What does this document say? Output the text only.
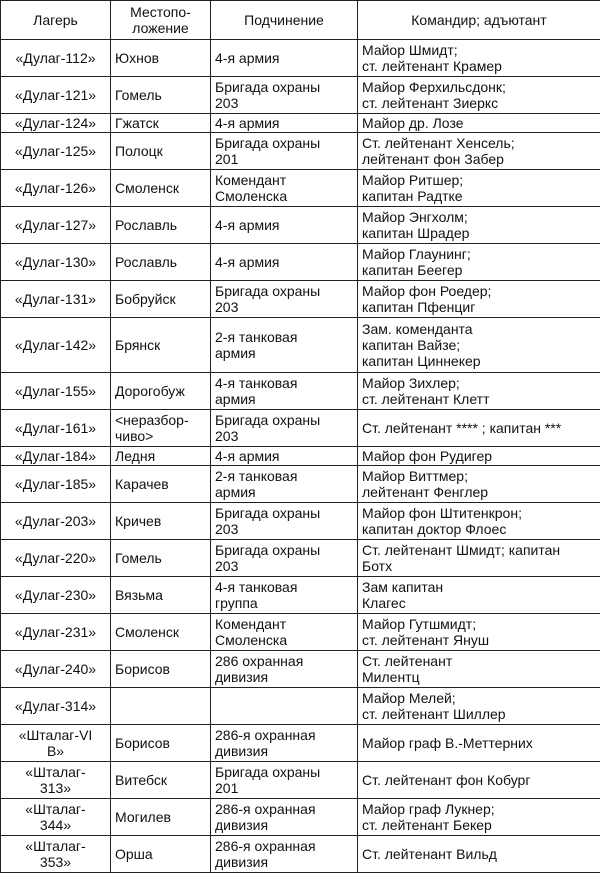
Лагерь	Местопо-
ложение	Подчинение	Командир; адъютант

«Дулаг-112»	Юхнов	4-я армия	Майор Шмидт;
ст. лейтенант Крамер

«Дулаг-121»	Гомель	Бригада охраны
203	Майор Ферхильсдонк;
ст. лейтенант Зиеркс

«Дулаг-124»	Гжатск	4-я армия	Майор др. Лозе

«Дулаг-125»	Полоцк	Бригада охраны
201	Ст. лейтенант Хенсель;
лейтенант фон Забер

«Дулаг-126»	Смоленск	Комендант
Смоленска	Майор Ритшер;
капитан Радтке

«Дулаг-127»	Рославль	4-я армия	Майор Энгхолм;
капитан Шрадер

«Дулаг-130»	Рославль	4-я армия	Майор Глаунинг;
капитан Беегер

«Дулаг-131»	Бобруйск	Бригада охраны
203	Майор фон Роедер;
капитан Пфенциг

«Дулаг-142»	Брянск	2-я танковая
армия	Зам. коменданта
капитан Вайзе;
капитан Циннекер

«Дулаг-155»	Дорогобуж	4-я танковая
армия	Майор Зихлер;
ст. лейтенант Клетт

«Дулаг-161»	<неразбор-
чиво>	Бригада охраны
203	Ст. лейтенант **** ; капитан ***

«Дулаг-184»	Ледня	4-я армия	Майор фон Рудигер

«Дулаг-185»	Карачев	2-я танковая
армия	Майор Виттмер;
лейтенант Фенглер

«Дулаг-203»	Кричев	Бригада охраны
203	Майор фон Штитенкрон;
капитан доктор Флоес

«Дулаг-220»	Гомель	Бригада охраны
203	Ст. лейтенант Шмидт; капитан
Ботх

«Дулаг-230»	Вязьма	4-я танковая
группа	Зам капитан
Клагес

«Дулаг-231»	Смоленск	Комендант
Смоленска	Майор Гутшмидт;
ст. лейтенант Януш

«Дулаг-240»	Борисов	286 охранная
дивизия	Ст. лейтенант
Милентц

«Дулаг-314»			Майор Мелей;
ст. лейтенант Шиллер

«Шталаг-VI
B»	Борисов	286-я охранная
дивизия	Майор граф В.-Меттерних

«Шталаг-
313»	Витебск	Бригада охраны
201	Ст. лейтенант фон Кобург

«Шталаг-
344»	Могилев	286-я охранная
дивизия	Майор граф Лукнер;
ст. лейтенант Бекер

«Шталаг-
353»	Орша	286-я охранная
дивизия	Ст. лейтенант Вильд
